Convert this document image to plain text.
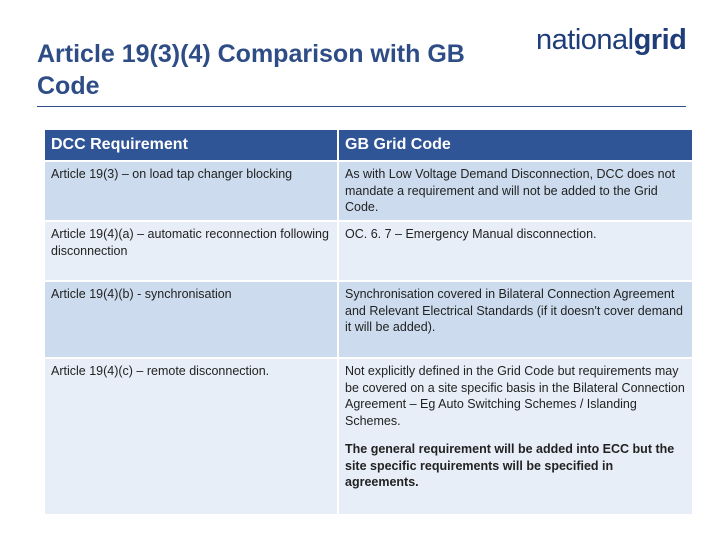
Article 19(3)(4) Comparison with GB Code
nationalgrid
DCC Requirement	GB Grid Code
Article 19(3) – on load tap changer blocking	As with Low Voltage Demand Disconnection, DCC does not mandate a requirement and will not be added to the Grid Code.
Article 19(4)(a) – automatic reconnection following disconnection	OC. 6. 7 – Emergency Manual disconnection.
Article 19(4)(b) - synchronisation	Synchronisation covered in Bilateral Connection Agreement and Relevant Electrical Standards (if it doesn't cover demand it will be added).
Article 19(4)(c) – remote disconnection.	Not explicitly defined in the Grid Code but requirements may be covered on a site specific basis in the Bilateral Connection Agreement – Eg Auto Switching Schemes / Islanding Schemes.
The general requirement will be added into ECC but the site specific requirements will be specified in agreements.
